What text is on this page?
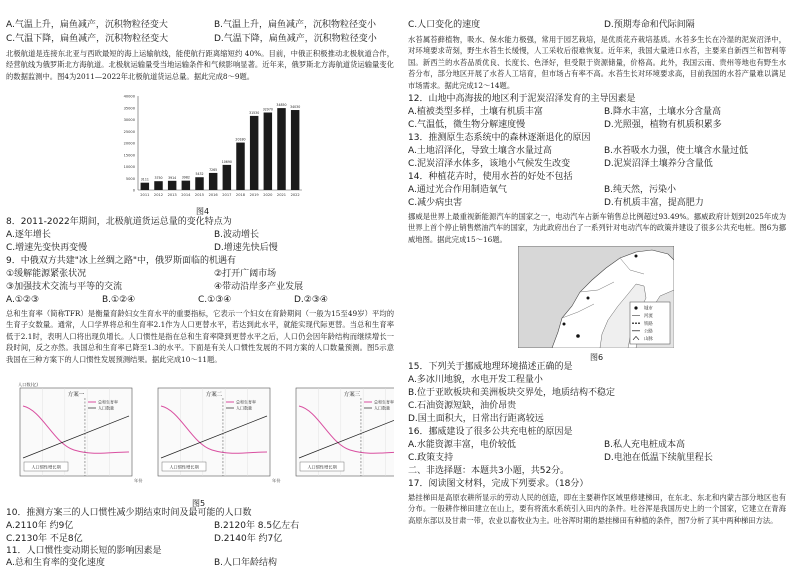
A.气温上升，扁鱼减产，沉积物粒径变大	B.气温上升，扁鱼减产，沉积物粒径变小
C.气温下降，扁鱼减产，沉积物粒径变大	D.气温下降，扁鱼减产，沉积物粒径变小
北极航道是连接东北亚与西欧最短的海上运输航线，能使航行距离缩短约 40%。目前，中俄正积极推动北极航道合作，经营航线为俄罗斯北方海航道。北极航运输量受当地运输条件和气候影响显著。近年来，俄罗斯北方海航道货运输量变化的数据监测中。图4为2011—2022年北极航道货运总量。据此完成8～9题。
40000
35000
30000
25000
20000
15000
10000
5000
0
3111
2011
3750
2012
3914
2013
3982
2014
5432
2015
7265
2016
10690
2017
20180
2018
31530
2019
32970
2020
34850
2021
34030
2022
图4
8．2011-2022年期间，北极航道货运总量的变化特点为
A.逐年增长	B.波动增长
C.增速先变快再变慢	D.增速先快后慢
9．中俄双方共建"冰上丝绸之路"中，俄罗斯面临的机遇有
①缓解能源紧张状况	②打开广阔市场
③加强技术交流与平等的交流	④带动沿岸多产业发展
A.①②③	B.①②④	C.①③④	D.②③④
总和生育率（简称TFR）是衡量育龄妇女生育水平的重要指标，它表示一个妇女在育龄期间（一般为15至49岁）平均的生育子女数量。通常，人口学界将总和生育率2.1作为人口更替水平，若达到此水平，就能实现代际更替。当总和生育率低于2.1时，表明人口将出现负增长。人口惯性是指在总和生育率降到更替水平之后，人口仍会因年龄结构而继续增长一段时间，反之亦然。我国总和生育率已降至1.3的水平。下面是有关人口惯性发展的不同方案的人口数量预测。图5示意我国在三种方案下的人口惯性发展预测结果。据此完成10～11题。
方案一
人口惯性增长期
年份
人口数(亿)
总和生育率
人口数量
方案二
人口惯性增长期
年份
总和生育率
人口数量
方案三
人口惯性增长期
总和生育率
人口数量
图5
10．推测方案三的人口惯性减少期结束时间及最可能的人口数
A.2110年 约9亿	B.2120年 8.5亿左右
C.2130年 不足8亿	D.2140年 约7亿
11．人口惯性变动期长短的影响因素是
A.总和生育率的变化速度	B.人口年龄结构
C.人口变化的速度	D.预期寿命和代际间隔
水苔属苔藓植物，吸水、保水能力极强，常用于园艺栽培，是优质花卉栽培基质。水苔多生长在冷湿的泥炭沼泽中，对环境要求苛刻，野生水苔生长缓慢，人工采收后很难恢复。近年来，我国大量进口水苔，主要来自新西兰和智利等国。新西兰的水苔品质优良、长度长、色泽好，但受限于资源储量，价格高。此外，我国云南、贵州等地也有野生水苔分布，部分地区开展了水苔人工培育，但市场占有率不高。水苔生长对环境要求高，目前我国的水苔产量难以满足市场需求。据此完成12～14题。
12．山地中高海拔的地区利于泥炭沼泽发育的主导因素是
A.植被类型多样，土壤有机质丰富	B.降水丰富，土壤水分含量高
C.气温低，微生物分解速度慢	D.光照强，植物有机质积累多
13．推测原生态系统中的森林逐渐退化的原因
A.土地沼泽化，导致土壤含水量过高	B.水苔吸水力强，使土壤含水量过低
C.泥炭沼泽水体多，该地小气候发生改变	D.泥炭沼泽土壤养分含量低
14．种植花卉时，使用水苔的好处不包括
A.通过光合作用制造氧气	B.纯天然，污染小
C.减少病虫害	D.有机质丰富，提高肥力
挪威是世界上最重视新能源汽车的国家之一，电动汽车占新车销售总比例超过93.49%。挪威政府计划到2025年成为世界上首个停止销售燃油汽车的国家，为此政府出台了一系列针对电动汽车的政策并建设了很多公共充电桩。图6为挪威地图。据此完成15～16题。
城市
河流
铁路
公路
山脉
图6
15．下列关于挪威地理环境描述正确的是
A.多冰川地貌，水电开发工程量小
B.位于亚欧板块和美洲板块交界处，地质结构不稳定
C.石油资源短缺，油价昂贵
D.国土面积大，日常出行距离较远
16．挪威建设了很多公共充电桩的原因是
A.水能资源丰富，电价较低	B.私人充电桩成本高
C.政策支持	D.电池在低温下续航里程长
二、非选择题：本题共3小题，共52分。
17．阅读图文材料，完成下列要求。（18分）
悬挂梯田是高原农耕所显示的劳动人民的创造，即在主要耕作区域里修建梯田，在东北、东北和内蒙古部分地区也有分布。一般耕作梯田建立在山上，要有将流水系统引入田内的条件。吐谷浑是我国历史上的一个国家，它建立在青海高原东部以及甘肃一带，农业以畜牧业为主。吐谷浑时期的悬挂梯田有种植的条件，图7分析了其中两种梯田方法。
